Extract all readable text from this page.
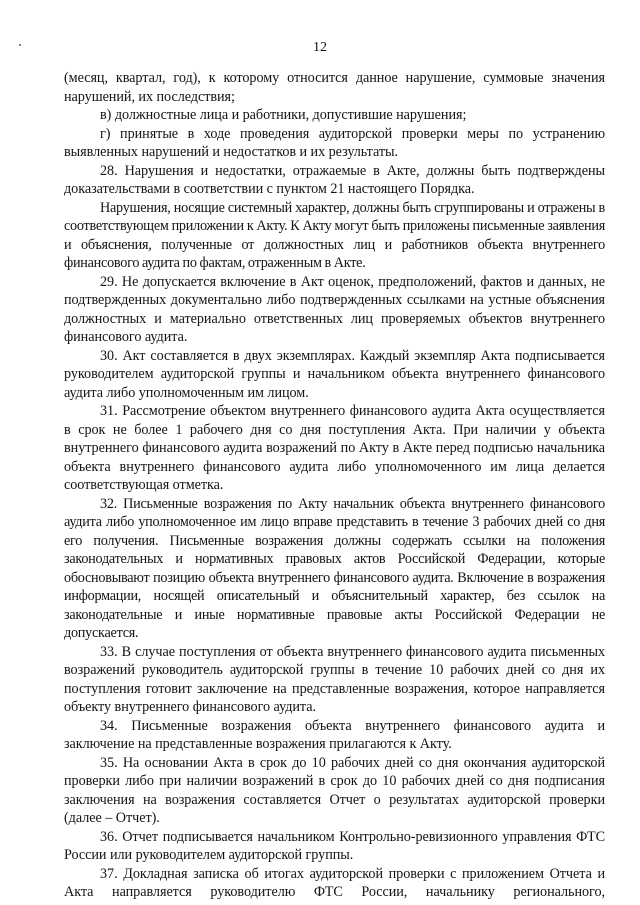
12

(месяц, квартал, год), к которому относится данное нарушение, суммовые значения нарушений, их последствия;

в) должностные лица и работники, допустившие нарушения;

г) принятые в ходе проведения аудиторской проверки меры по устранению выявленных нарушений и недостатков и их результаты.

28. Нарушения и недостатки, отражаемые в Акте, должны быть подтверждены доказательствами в соответствии с пунктом 21 настоящего Порядка.

Нарушения, носящие системный характер, должны быть сгруппированы и отражены в соответствующем приложении к Акту. К Акту могут быть приложены письменные заявления и объяснения, полученные от должностных лиц и работников объекта внутреннего финансового аудита по фактам, отраженным в Акте.

29. Не допускается включение в Акт оценок, предположений, фактов и данных, не подтвержденных документально либо подтвержденных ссылками на устные объяснения должностных и материально ответственных лиц проверяемых объектов внутреннего финансового аудита.

30. Акт составляется в двух экземплярах. Каждый экземпляр Акта подписывается руководителем аудиторской группы и начальником объекта внутреннего финансового аудита либо уполномоченным им лицом.

31. Рассмотрение объектом внутреннего финансового аудита Акта осуществляется в срок не более 1 рабочего дня со дня поступления Акта. При наличии у объекта внутреннего финансового аудита возражений по Акту в Акте перед подписью начальника объекта внутреннего финансового аудита либо уполномоченного им лица делается соответствующая отметка.

32. Письменные возражения по Акту начальник объекта внутреннего финансового аудита либо уполномоченное им лицо вправе представить в течение 3 рабочих дней со дня его получения. Письменные возражения должны содержать ссылки на положения законодательных и нормативных правовых актов Российской Федерации, которые обосновывают позицию объекта внутреннего финансового аудита. Включение в возражения информации, носящей описательный и объяснительный характер, без ссылок на законодательные и иные нормативные правовые акты Российской Федерации не допускается.

33. В случае поступления от объекта внутреннего финансового аудита письменных возражений руководитель аудиторской группы в течение 10 рабочих дней со дня их поступления готовит заключение на представленные возражения, которое направляется объекту внутреннего финансового аудита.

34. Письменные возражения объекта внутреннего финансового аудита и заключение на представленные возражения прилагаются к Акту.

35. На основании Акта в срок до 10 рабочих дней со дня окончания аудиторской проверки либо при наличии возражений в срок до 10 рабочих дней со дня подписания заключения на возражения составляется Отчет о результатах аудиторской проверки (далее – Отчет).

36. Отчет подписывается начальником Контрольно-ревизионного управления ФТС России или руководителем аудиторской группы.

37. Докладная записка об итогах аудиторской проверки с приложением Отчета и Акта направляется руководителю ФТС России, начальнику регионального,
